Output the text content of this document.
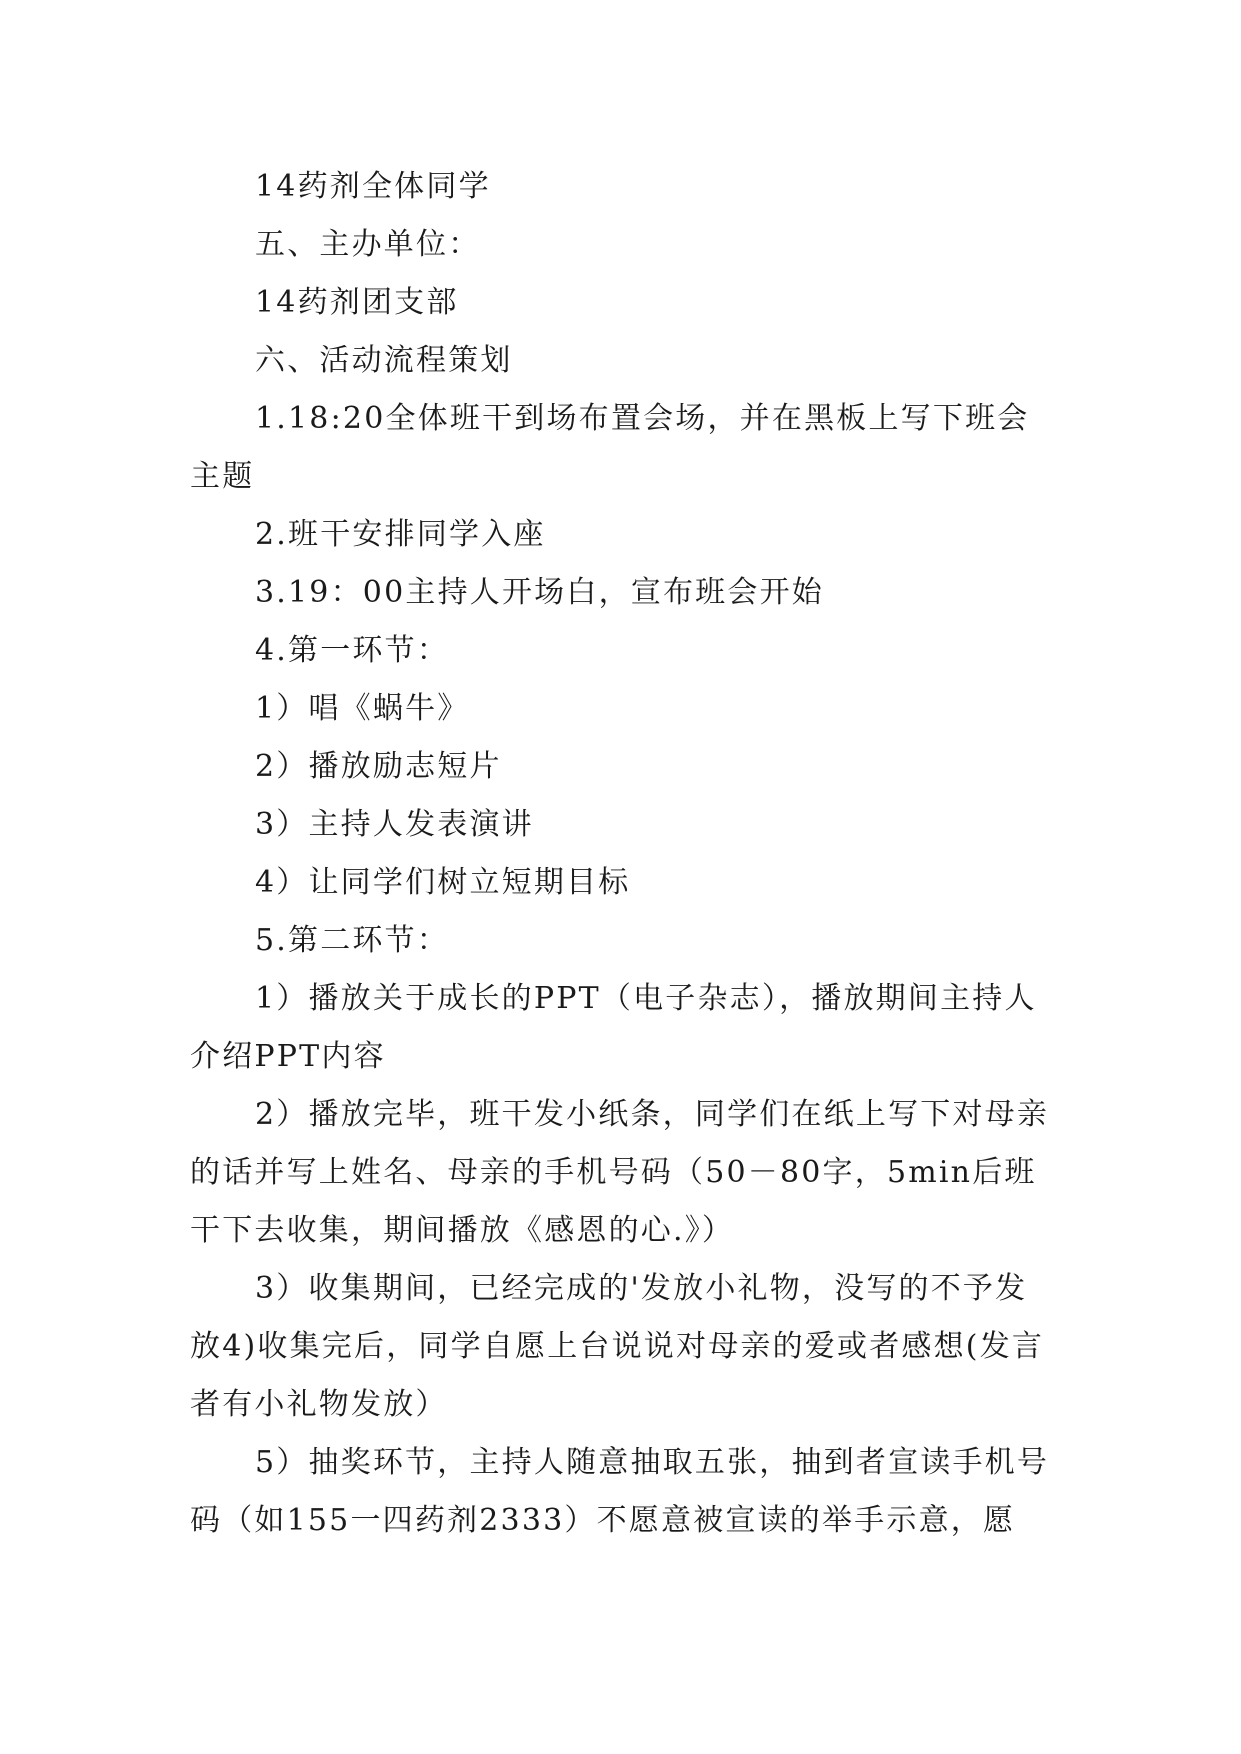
14药剂全体同学

五、主办单位：

14药剂团支部

六、活动流程策划

1.18:20全体班干到场布置会场，并在黑板上写下班会主题

2.班干安排同学入座

3.19：00主持人开场白，宣布班会开始

4.第一环节：

1）唱《蜗牛》

2）播放励志短片

3）主持人发表演讲

4）让同学们树立短期目标

5.第二环节：

1）播放关于成长的PPT（电子杂志），播放期间主持人介绍PPT内容

2）播放完毕，班干发小纸条，同学们在纸上写下对母亲的话并写上姓名、母亲的手机号码（50－80字，5min后班干下去收集，期间播放《感恩的心.》）

3）收集期间，已经完成的'发放小礼物，没写的不予发放4)收集完后，同学自愿上台说说对母亲的爱或者感想(发言者有小礼物发放）

5）抽奖环节，主持人随意抽取五张，抽到者宣读手机号码（如155一四药剂2333）不愿意被宣读的举手示意，愿
